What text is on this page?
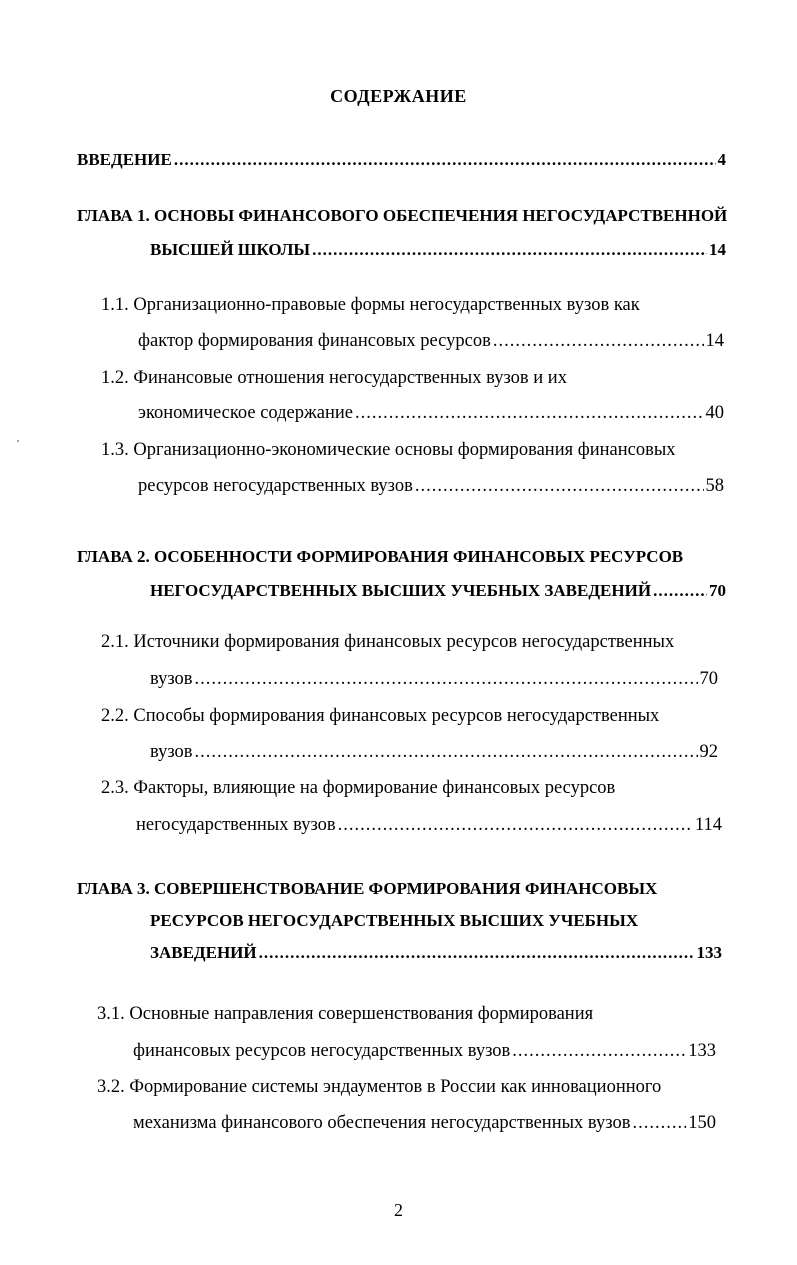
СОДЕРЖАНИЕ
ВВЕДЕНИЕ .....	4
ГЛАВА 1. ОСНОВЫ ФИНАНСОВОГО ОБЕСПЕЧЕНИЯ НЕГОСУДАРСТВЕННОЙ
ВЫСШЕЙ ШКОЛЫ .....	14
1.1. Организационно-правовые формы негосударственных вузов как
фактор формирования финансовых ресурсов .....	14
1.2. Финансовые отношения негосударственных вузов и их
экономическое содержание .....	40
1.3. Организационно-экономические основы формирования финансовых
ресурсов негосударственных вузов .....	58
ГЛАВА 2. ОСОБЕННОСТИ ФОРМИРОВАНИЯ ФИНАНСОВЫХ РЕСУРСОВ
НЕГОСУДАРСТВЕННЫХ ВЫСШИХ УЧЕБНЫХ ЗАВЕДЕНИЙ .....	70
2.1. Источники формирования финансовых ресурсов негосударственных
вузов .....	70
2.2. Способы формирования финансовых ресурсов негосударственных
вузов .....	92
2.3. Факторы, влияющие на формирование финансовых ресурсов
негосударственных вузов .....	114
ГЛАВА 3. СОВЕРШЕНСТВОВАНИЕ ФОРМИРОВАНИЯ ФИНАНСОВЫХ
РЕСУРСОВ НЕГОСУДАРСТВЕННЫХ ВЫСШИХ УЧЕБНЫХ
ЗАВЕДЕНИЙ .....	133
3.1. Основные направления совершенствования формирования
финансовых ресурсов негосударственных вузов .....	133
3.2. Формирование системы эндаументов в России как инновационного
механизма финансового обеспечения негосударственных вузов .....	150
2
